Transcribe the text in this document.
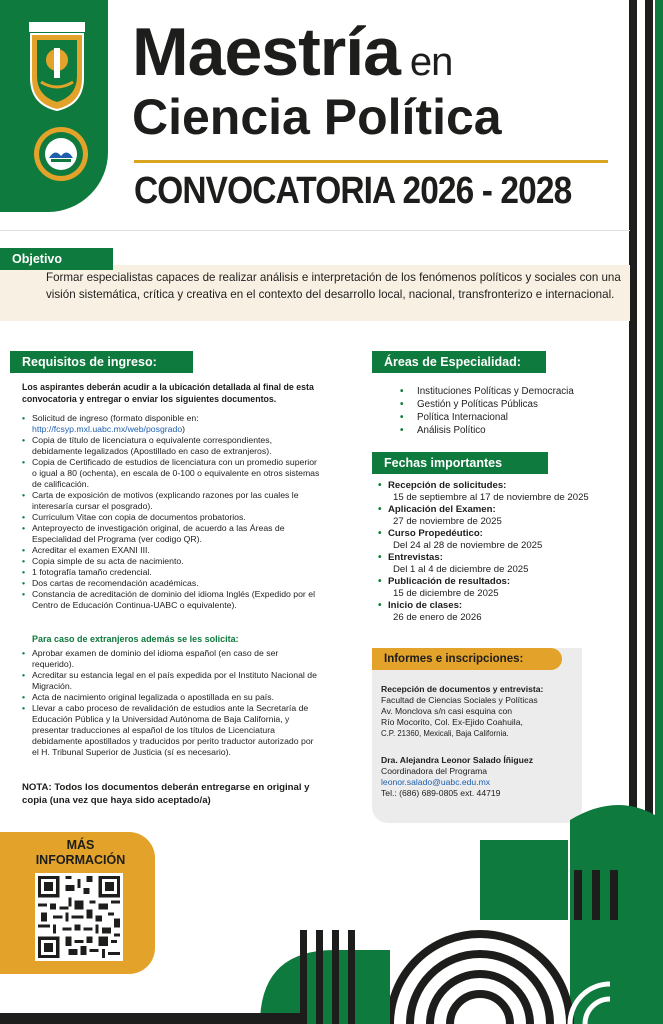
Maestría en
Ciencia Política
CONVOCATORIA 2026 - 2028
Objetivo

Formar especialistas capaces de realizar análisis e interpretación de los fenómenos políticos y sociales con una visión sistemática, crítica y creativa en el contexto del desarrollo local, nacional, transfronterizo e internacional.

Requisitos de ingreso:

Los aspirantes deberán acudir a la ubicación detallada al final de esta convocatoria y entregar o enviar los siguientes documentos.

• Solicitud de ingreso (formato disponible en:
http://fcsyp.mxl.uabc.mx/web/posgrado)
• Copia de título de licenciatura o equivalente correspondientes, debidamente legalizados (Apostillado en caso de extranjeros).
• Copia de Certificado de estudios de licenciatura con un promedio superior o igual a 80 (ochenta), en escala de 0-100 o equivalente en otros sistemas de calificación.
• Carta de exposición de motivos (explicando razones por las cuales le interesaría cursar el posgrado).
• Curriculum Vitae con copia de documentos probatorios.
• Anteproyecto de investigación original, de acuerdo a las Áreas de Especialidad del Programa (ver codigo QR).
• Acreditar el examen EXANI III.
• Copia simple de su acta de nacimiento.
• 1 fotografía tamaño credencial.
• Dos cartas de recomendación académicas.
• Constancia de acreditación de dominio del idioma Inglés (Expedido por el Centro de Educación Continua-UABC o equivalente).
Para caso de extranjeros además se les solicita:
• Aprobar examen de dominio del idioma español (en caso de ser requerido).
• Acreditar su estancia legal en el país expedida por el Instituto Nacional de Migración.
• Acta de nacimiento original legalizada o apostillada en su país.
• Llevar a cabo proceso de revalidación de estudios ante la Secretaría de Educación Pública y la Universidad Autónoma de Baja California, y presentar traducciones al español de los títulos de Licenciatura debidamente apostillados y traducidos por perito traductor autorizado por el H. Tribunal Superior de Justicia (sí es necesario).

NOTA: Todos los documentos deberán entregarse en original y copia (una vez que haya sido aceptado/a)

Áreas de Especialidad:
• Instituciones Políticas y Democracia
• Gestión y Políticas Públicas
• Política Internacional
• Análisis Político
Fechas importantes
• Recepción de solicitudes:
15 de septiembre al 17 de noviembre de 2025
• Aplicación del Examen:
27 de noviembre de 2025
• Curso Propedéutico:
Del 24 al 28 de noviembre de 2025
• Entrevistas:
Del 1 al 4 de diciembre de 2025
• Publicación de resultados:
15 de diciembre de 2025
• Inicio de clases:
26 de enero de 2026
Informes e inscripciones:
Recepción de documentos y entrevista:
Facultad de Ciencias Sociales y Políticas
Av. Monclova s/n casi esquina con
Río Mocorito, Col. Ex-Ejido Coahuila,
C.P. 21360, Mexicali, Baja California.
Dra. Alejandra Leonor Salado Íñiguez
Coordinadora del Programa
leonor.salado@uabc.edu.mx
Tel.: (686) 689-0805 ext. 44719
MÁS
INFORMACIÓN
